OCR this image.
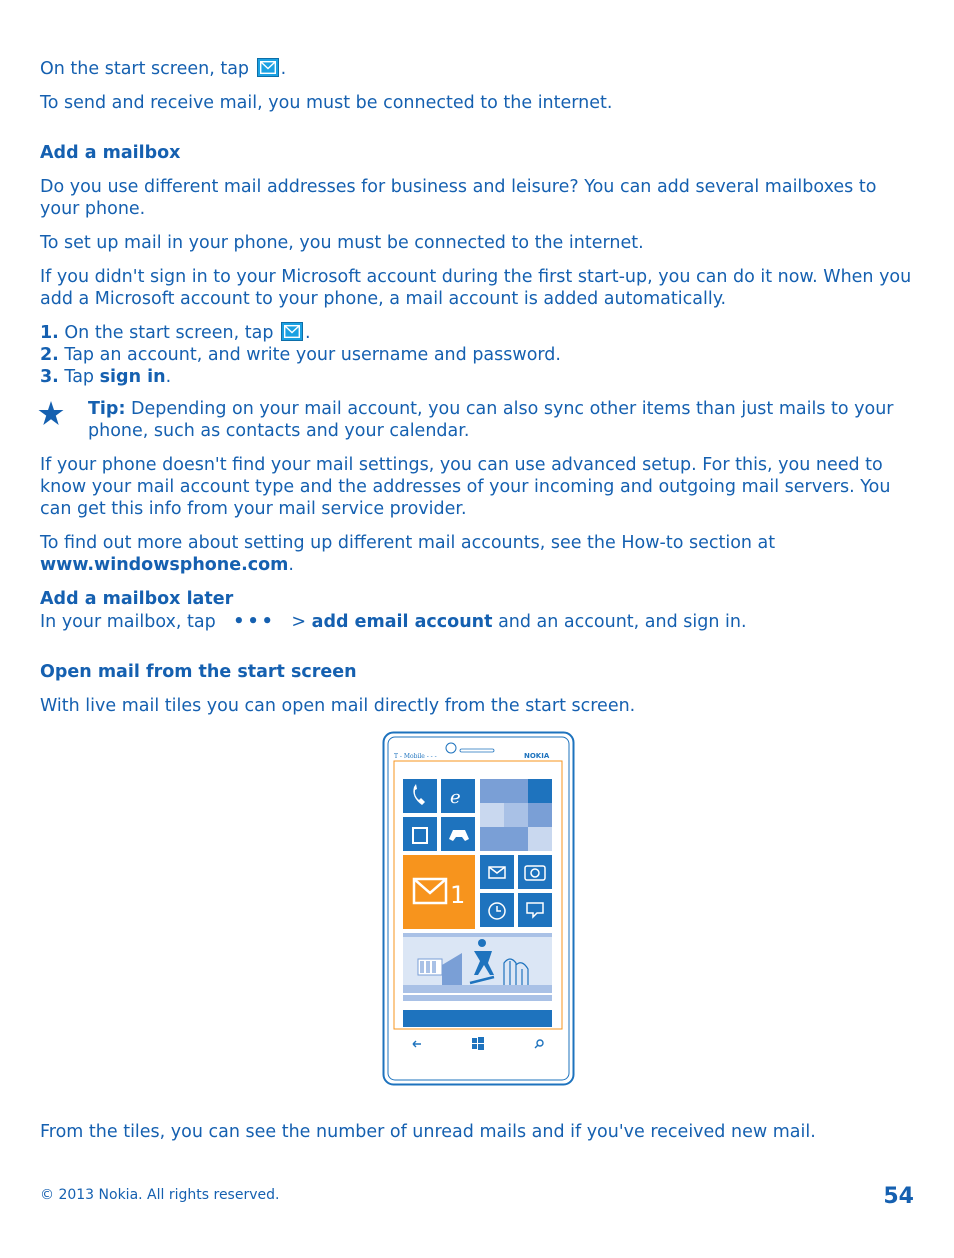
On the start screen, tap .

To send and receive mail, you must be connected to the internet.

Add a mailbox

Do you use different mail addresses for business and leisure? You can add several mailboxes to your phone.

To set up mail in your phone, you must be connected to the internet.

If you didn't sign in to your Microsoft account during the first start-up, you can do it now. When you add a Microsoft account to your phone, a mail account is added automatically.

1. On the start screen, tap .

2. Tap an account, and write your username and password.

3. Tap sign in.

Tip: Depending on your mail account, you can also sync other items than just mails to your phone, such as contacts and your calendar.

If your phone doesn't find your mail settings, you can use advanced setup. For this, you need to know your mail account type and the addresses of your incoming and outgoing mail servers. You can get this info from your mail service provider.

To find out more about setting up different mail accounts, see the How-to section at
www.windowsphone.com.

Add a mailbox later

In your mailbox, tap ••• > add email account and an account, and sign in.

Open mail from the start screen

With live mail tiles you can open mail directly from the start screen.

From the tiles, you can see the number of unread mails and if you've received new mail.

T - Mobile - - -	NOKIA
e
1
© 2013 Nokia. All rights reserved.	54
